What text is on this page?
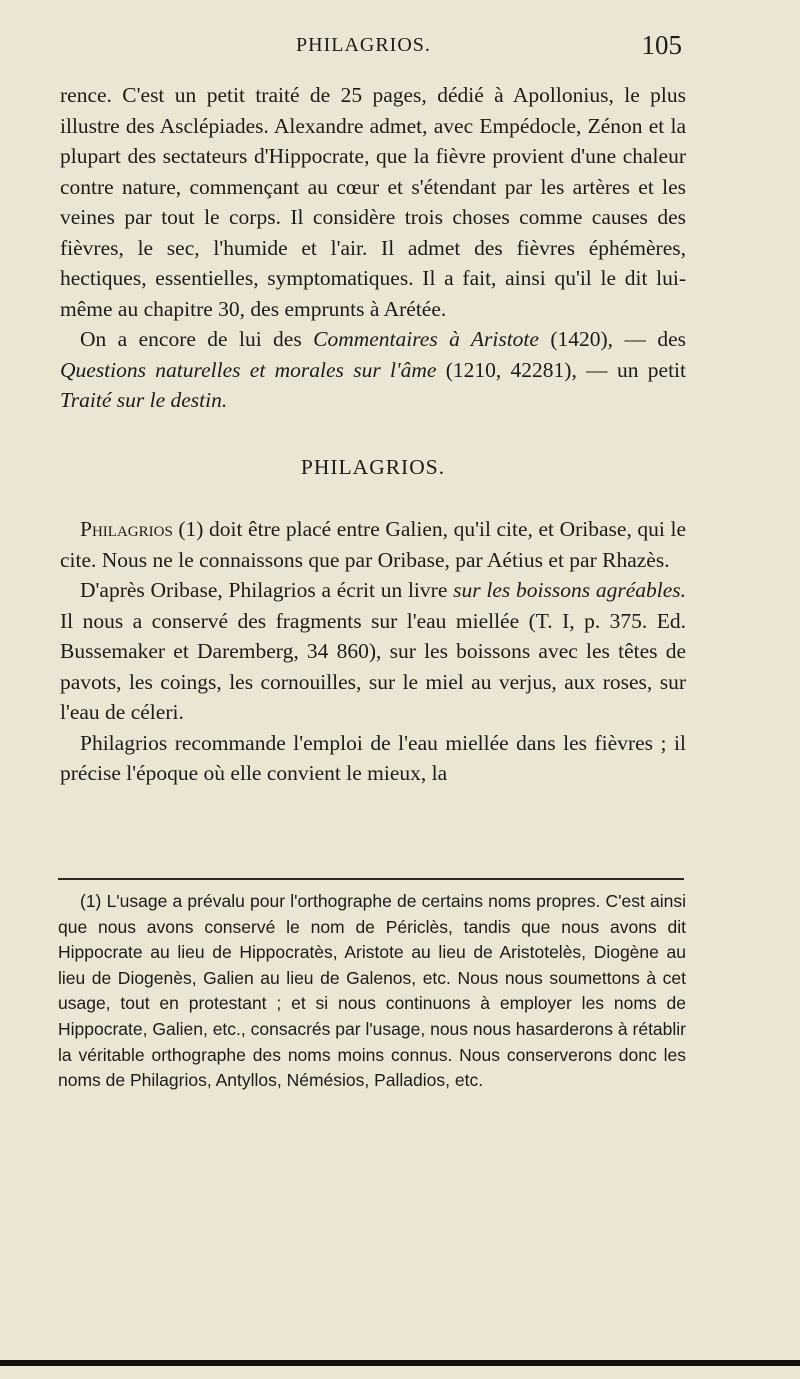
PHILAGRIOS.	105

rence. C'est un petit traité de 25 pages, dédié à Apollonius, le plus illustre des Asclépiades. Alexandre admet, avec Empédocle, Zénon et la plupart des sectateurs d'Hippocrate, que la fièvre provient d'une chaleur contre nature, commençant au cœur et s'étendant par les artères et les veines par tout le corps. Il considère trois choses comme causes des fièvres, le sec, l'humide et l'air. Il admet des fièvres éphémères, hectiques, essentielles, symptomatiques. Il a fait, ainsi qu'il le dit lui-même au chapitre 30, des emprunts à Arétée.

On a encore de lui des Commentaires à Aristote (1420), — des Questions naturelles et morales sur l'âme (1210, 42281), — un petit Traité sur le destin.

PHILAGRIOS.

Philagrios (1) doit être placé entre Galien, qu'il cite, et Oribase, qui le cite. Nous ne le connaissons que par Oribase, par Aétius et par Rhazès.

D'après Oribase, Philagrios a écrit un livre sur les boissons agréables. Il nous a conservé des fragments sur l'eau miellée (T. I, p. 375. Ed. Bussemaker et Daremberg, 34 860), sur les boissons avec les têtes de pavots, les coings, les cornouilles, sur le miel au verjus, aux roses, sur l'eau de céleri.

Philagrios recommande l'emploi de l'eau miellée dans les fièvres ; il précise l'époque où elle convient le mieux, la

(1) L'usage a prévalu pour l'orthographe de certains noms propres. C'est ainsi que nous avons conservé le nom de Périclès, tandis que nous avons dit Hippocrate au lieu de Hippocratès, Aristote au lieu de Aristotelès, Diogène au lieu de Diogenès, Galien au lieu de Galenos, etc. Nous nous soumettons à cet usage, tout en protestant ; et si nous continuons à employer les noms de Hippocrate, Galien, etc., consacrés par l'usage, nous nous hasarderons à rétablir la véritable orthographe des noms moins connus. Nous conserverons donc les noms de Philagrios, Antyllos, Némésios, Palladios, etc.
